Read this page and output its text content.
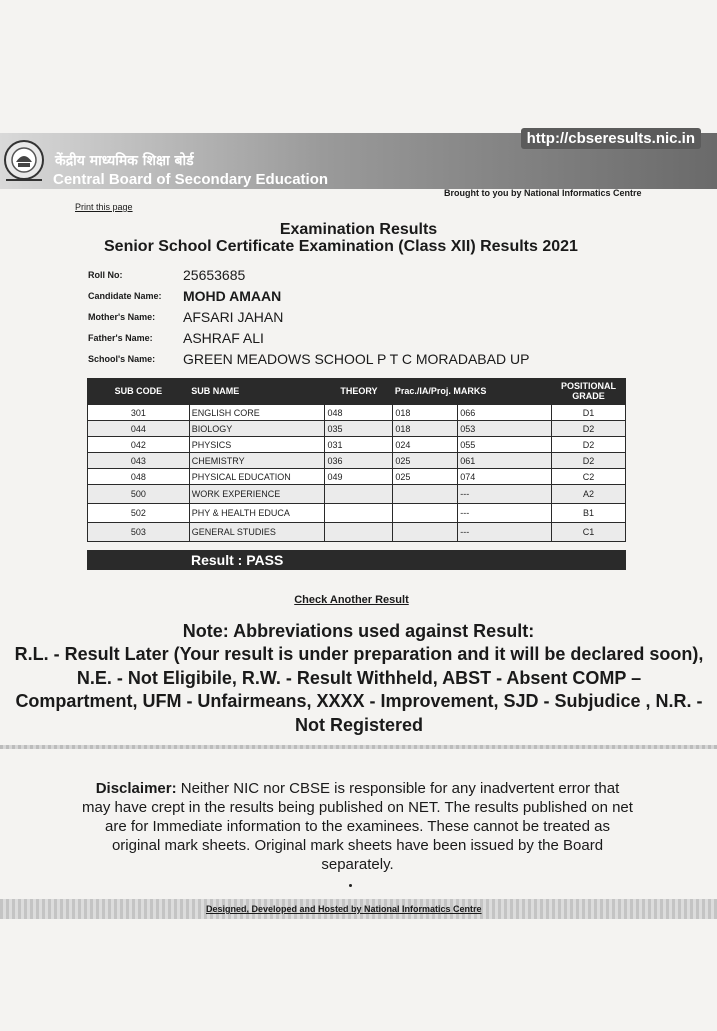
केंद्रीय माध्यमिक शिक्षा बोर्ड
Central Board of Secondary Education
http://cbseresults.nic.in
Brought to you by National Informatics Centre
Print this page
Examination Results
Senior School Certificate Examination (Class XII) Results 2021
Roll No:	25653685
Candidate Name:	MOHD AMAAN
Mother's Name:	AFSARI JAHAN
Father's Name:	ASHRAF ALI
School's Name:	GREEN MEADOWS SCHOOL P T C MORADABAD UP
SUB CODE	SUB NAME	THEORY	Prac./IA/Proj. MARKS		POSITIONAL GRADE
301	ENGLISH CORE	048	018	066	D1
044	BIOLOGY	035	018	053	D2
042	PHYSICS	031	024	055	D2
043	CHEMISTRY	036	025	061	D2
048	PHYSICAL EDUCATION	049	025	074	C2
500	WORK EXPERIENCE			---	A2
502	PHY & HEALTH EDUCA			---	B1
503	GENERAL STUDIES			---	C1
Result : PASS
Check Another Result
Note: Abbreviations used against Result:
R.L. - Result Later (Your result is under preparation and it will be declared soon), N.E. - Not Eligibile, R.W. - Result Withheld, ABST - Absent COMP – Compartment, UFM - Unfairmeans, XXXX - Improvement, SJD - Subjudice , N.R. - Not Registered
Disclaimer: Neither NIC nor CBSE is responsible for any inadvertent error that may have crept in the results being published on NET. The results published on net are for Immediate information to the examinees. These cannot be treated as original mark sheets. Original mark sheets have been issued by the Board separately.
Designed, Developed and Hosted by National Informatics Centre
